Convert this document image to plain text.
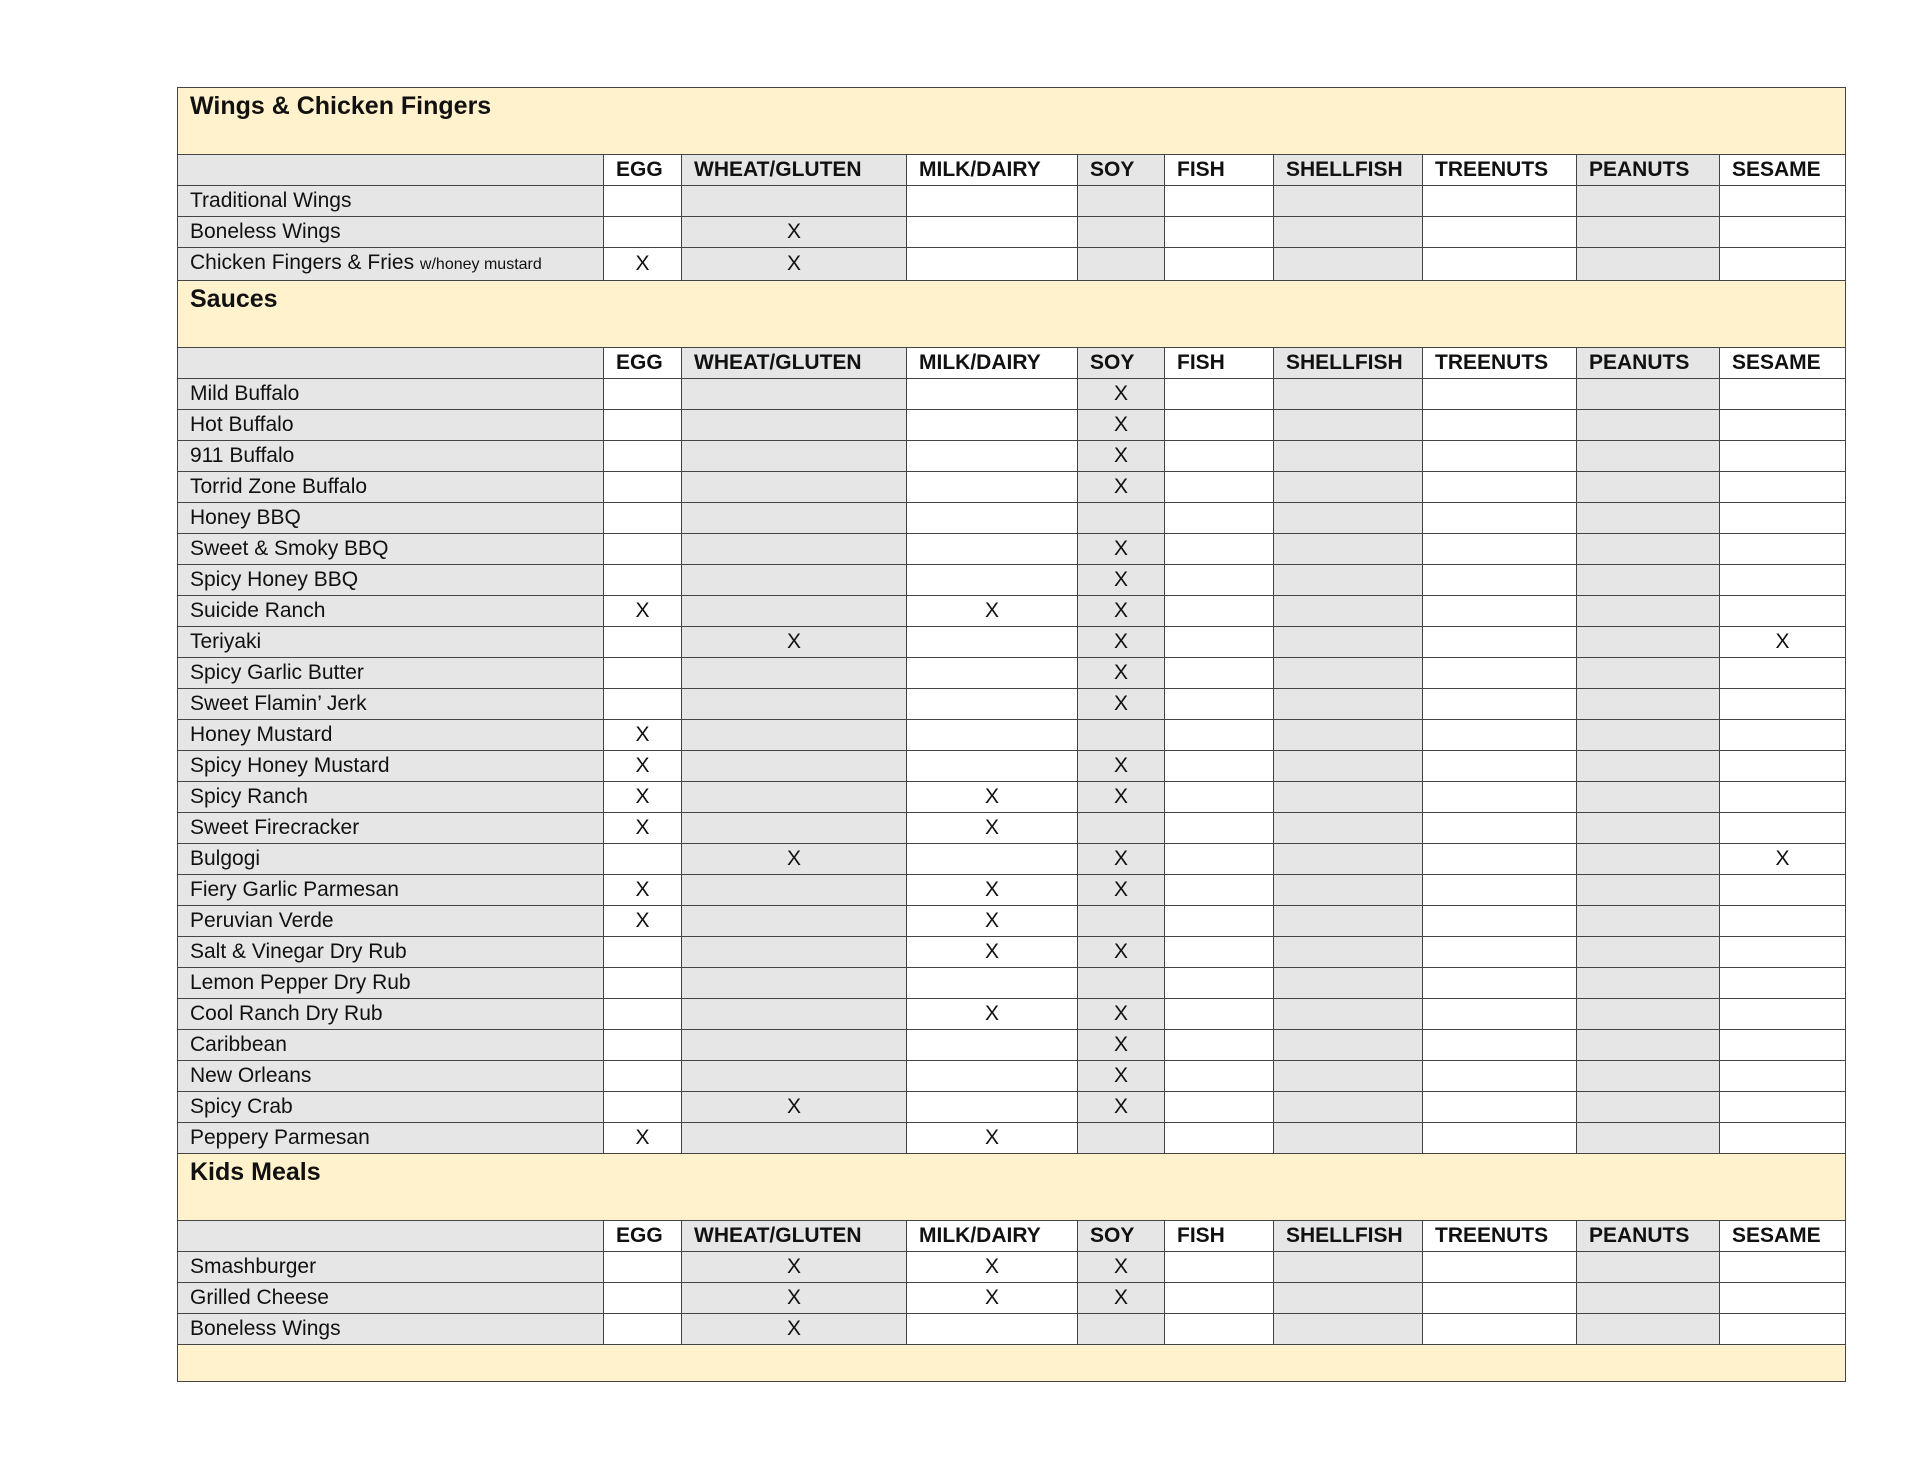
Wings & Chicken Fingers									
	EGG	WHEAT/GLUTEN	MILK/DAIRY	SOY	FISH	SHELLFISH	TREENUTS	PEANUTS	SESAME
Traditional Wings									
Boneless Wings		X							
Chicken Fingers & Fries w/honey mustard	X	X							
Sauces									
	EGG	WHEAT/GLUTEN	MILK/DAIRY	SOY	FISH	SHELLFISH	TREENUTS	PEANUTS	SESAME
Mild Buffalo				X					
Hot Buffalo				X					
911 Buffalo				X					
Torrid Zone Buffalo				X					
Honey BBQ									
Sweet & Smoky BBQ				X					
Spicy Honey BBQ				X					
Suicide Ranch	X		X	X					
Teriyaki		X		X					X
Spicy Garlic Butter				X					
Sweet Flamin’ Jerk				X					
Honey Mustard	X								
Spicy Honey Mustard	X			X					
Spicy Ranch	X		X	X					
Sweet Firecracker	X		X						
Bulgogi		X		X					X
Fiery Garlic Parmesan	X		X	X					
Peruvian Verde	X		X						
Salt & Vinegar Dry Rub			X	X					
Lemon Pepper Dry Rub									
Cool Ranch Dry Rub			X	X					
Caribbean				X					
New Orleans				X					
Spicy Crab		X		X					
Peppery Parmesan	X		X						
Kids Meals									
	EGG	WHEAT/GLUTEN	MILK/DAIRY	SOY	FISH	SHELLFISH	TREENUTS	PEANUTS	SESAME
Smashburger		X	X	X					
Grilled Cheese		X	X	X					
Boneless Wings		X							
